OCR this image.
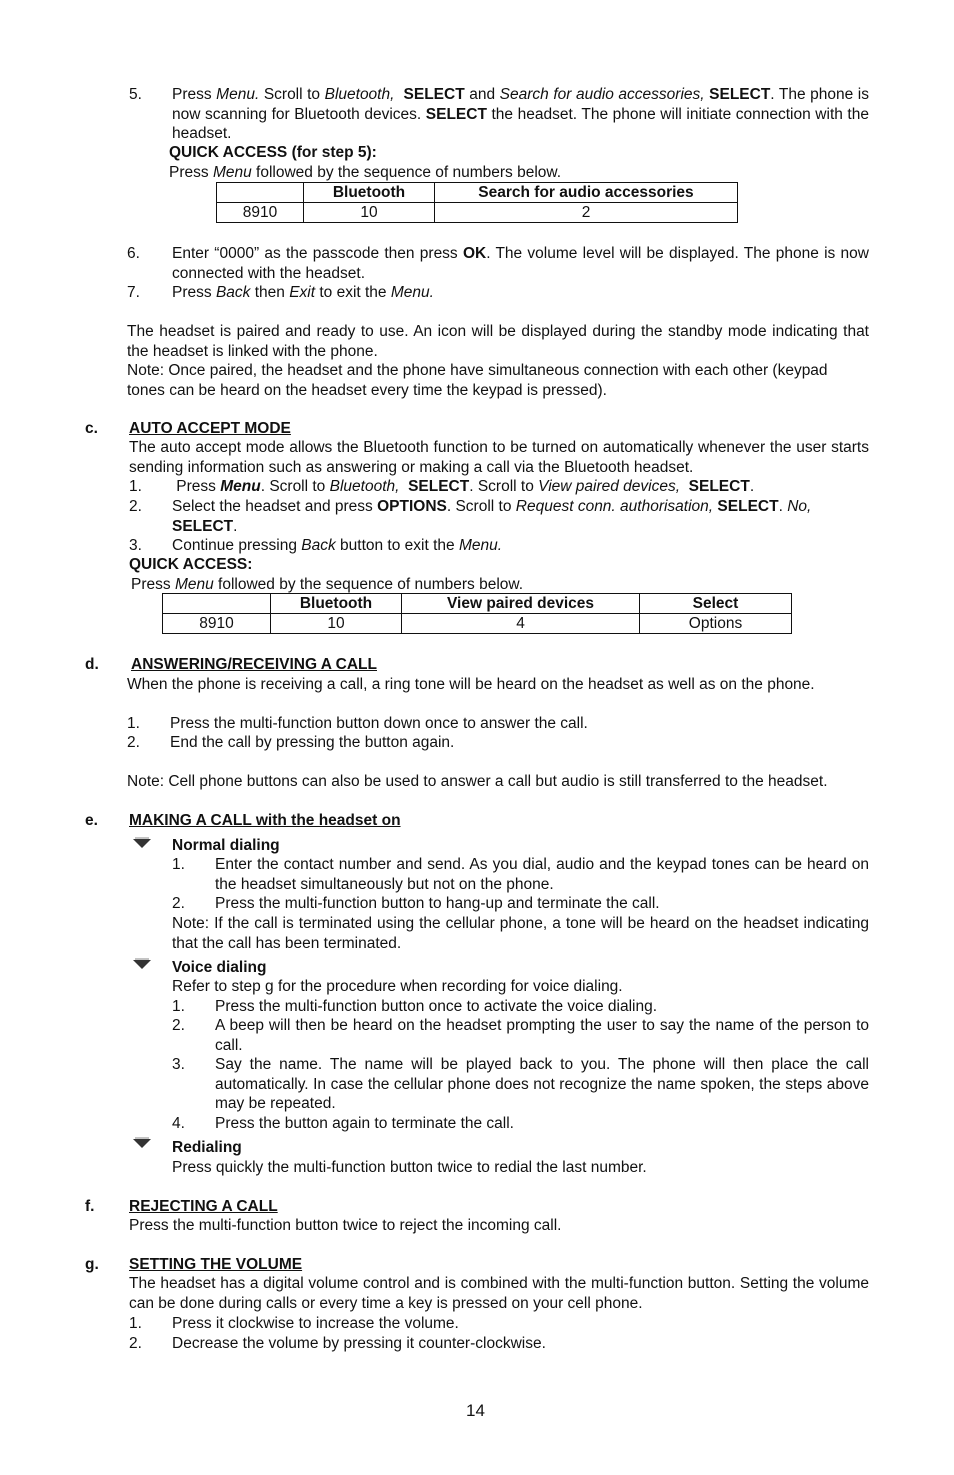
5. Press Menu. Scroll to Bluetooth, SELECT and Search for audio accessories, SELECT. The phone is now scanning for Bluetooth devices. SELECT the headset. The phone will initiate connection with the headset.
QUICK ACCESS (for step 5):
Press Menu followed by the sequence of numbers below.
	Bluetooth	Search for audio accessories
8910	10	2
6. Enter “0000” as the passcode then press OK. The volume level will be displayed. The phone is now connected with the headset.
7. Press Back then Exit to exit the Menu.
The headset is paired and ready to use. An icon will be displayed during the standby mode indicating that the headset is linked with the phone.
Note: Once paired, the headset and the phone have simultaneous connection with each other (keypad tones can be heard on the headset every time the keypad is pressed).
c. AUTO ACCEPT MODE
The auto accept mode allows the Bluetooth function to be turned on automatically whenever the user starts sending information such as answering or making a call via the Bluetooth headset.
1. Press Menu. Scroll to Bluetooth, SELECT. Scroll to View paired devices, SELECT.
2. Select the headset and press OPTIONS. Scroll to Request conn. authorisation, SELECT. No, SELECT.
3. Continue pressing Back button to exit the Menu.
QUICK ACCESS:
Press Menu followed by the sequence of numbers below.
	Bluetooth	View paired devices	Select
8910	10	4	Options
d. ANSWERING/RECEIVING A CALL
When the phone is receiving a call, a ring tone will be heard on the headset as well as on the phone.
1. Press the multi-function button down once to answer the call.
2. End the call by pressing the button again.
Note: Cell phone buttons can also be used to answer a call but audio is still transferred to the headset.
e. MAKING A CALL with the headset on
Normal dialing
1. Enter the contact number and send. As you dial, audio and the keypad tones can be heard on the headset simultaneously but not on the phone.
2. Press the multi-function button to hang-up and terminate the call.
Note: If the call is terminated using the cellular phone, a tone will be heard on the headset indicating that the call has been terminated.
Voice dialing
Refer to step g for the procedure when recording for voice dialing.
1. Press the multi-function button once to activate the voice dialing.
2. A beep will then be heard on the headset prompting the user to say the name of the person to call.
3. Say the name. The name will be played back to you. The phone will then place the call automatically. In case the cellular phone does not recognize the name spoken, the steps above may be repeated.
4. Press the button again to terminate the call.
Redialing
Press quickly the multi-function button twice to redial the last number.
f. REJECTING A CALL
Press the multi-function button twice to reject the incoming call.
g. SETTING THE VOLUME
The headset has a digital volume control and is combined with the multi-function button. Setting the volume can be done during calls or every time a key is pressed on your cell phone.
1. Press it clockwise to increase the volume.
2. Decrease the volume by pressing it counter-clockwise.
14
